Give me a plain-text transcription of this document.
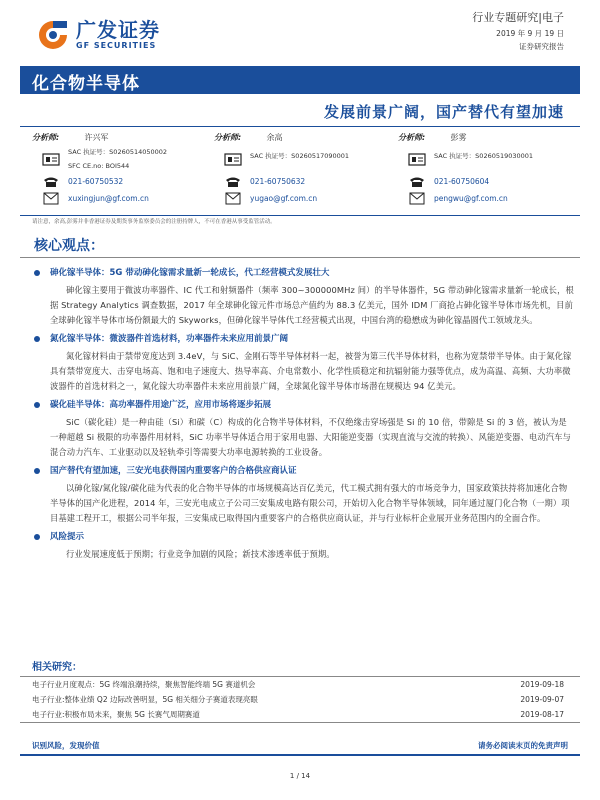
广发证券
GF SECURITIES
行业专题研究|电子
2019 年 9 月 19 日
证券研究报告
化合物半导体
发展前景广阔，国产替代有望加速
分析师:	许兴军
SAC 执证号：S0260514050002
SFC CE.no: BOI544
021-60750532
xuxingjun@gf.com.cn
分析师:	余高
SAC 执证号：S0260517090001
021-60750632
yugao@gf.com.cn
分析师:	彭雾
SAC 执证号：S0260519030001
021-60750604
pengwu@gf.com.cn
请注意，余高,彭雾并非香港证券及期货事务监察委员会的注册持牌人，不可在香港从事受监管活动。
核心观点：
砷化镓半导体：5G 带动砷化镓需求量新一轮成长，代工经营模式发展壮大
砷化镓主要用于微波功率器件、IC 代工和射频器件（频率 300~300000MHz 间）的半导体器件，5G 带动砷化镓需求量新一轮成长，根据 Strategy Analytics 调查数据，2017 年全球砷化镓元件市场总产值约为 88.3 亿美元，国外 IDM 厂商抢占砷化镓半导体市场先机，目前全球砷化镓半导体市场份额最大的 Skyworks，但砷化镓半导体代工经营模式出现，中国台湾的稳懋成为砷化镓晶圆代工领域龙头。
氮化镓半导体：微波器件首选材料，功率器件未来应用前景广阔
氮化镓材料由于禁带宽度达到 3.4eV，与 SiC、金刚石等半导体材料一起，被誉为第三代半导体材料，也称为宽禁带半导体。由于氮化镓具有禁带宽度大、击穿电场高、饱和电子速度大、热导率高、介电常数小、化学性质稳定和抗辐射能力强等优点，成为高温、高频、大功率微波器件的首选材料之一，氮化镓大功率器件未来应用前景广阔，全球氮化镓半导体市场潜在规模达 94 亿美元。
碳化硅半导体：高功率器件用途广泛，应用市场将逐步拓展
SiC（碳化硅）是一种由硅（Si）和碳（C）构成的化合物半导体材料，不仅绝缘击穿场强是 Si 的 10 倍，带隙是 Si 的 3 倍，被认为是一种超越 Si 极限的功率器件用材料，SiC 功率半导体适合用于家用电器、大阳能逆变器（实现直流与交流的转换）、风能逆变器、电动汽车与混合动力汽车、工业驱动以及轻轨牵引等需要大功率电源转换的工业设备。
国产替代有望加速，三安光电获得国内重要客户的合格供应商认证
以砷化镓/氮化镓/碳化硅为代表的化合物半导体的市场规模高达百亿美元，代工模式拥有强大的市场竞争力，国家政策扶持将加速化合物半导体的国产化进程，2014 年，三安光电成立子公司三安集成电路有限公司，开始切入化合物半导体领域，同年通过厦门化合物（一期）项目基建工程开工，根据公司半年报，三安集成已取得国内重要客户的合格供应商认证，并与行业标杆企业展开业务范围内的全面合作。
风险提示
行业发展速度低于预期；行业竞争加剧的风险；新技术渗透率低于预期。
相关研究：
电子行业月度观点：5G 终端浪潮持续，聚焦智能终端 5G 赛道机会	2019-09-18
电子行业:整体业绩 Q2 边际改善明显，5G 相关细分子赛道表现亮眼	2019-09-07
电子行业:积极布局未来，聚焦 5G 长赛气周期赛道	2019-08-17
识别风险，发现价值	请务必阅读末页的免责声明
1 / 14
